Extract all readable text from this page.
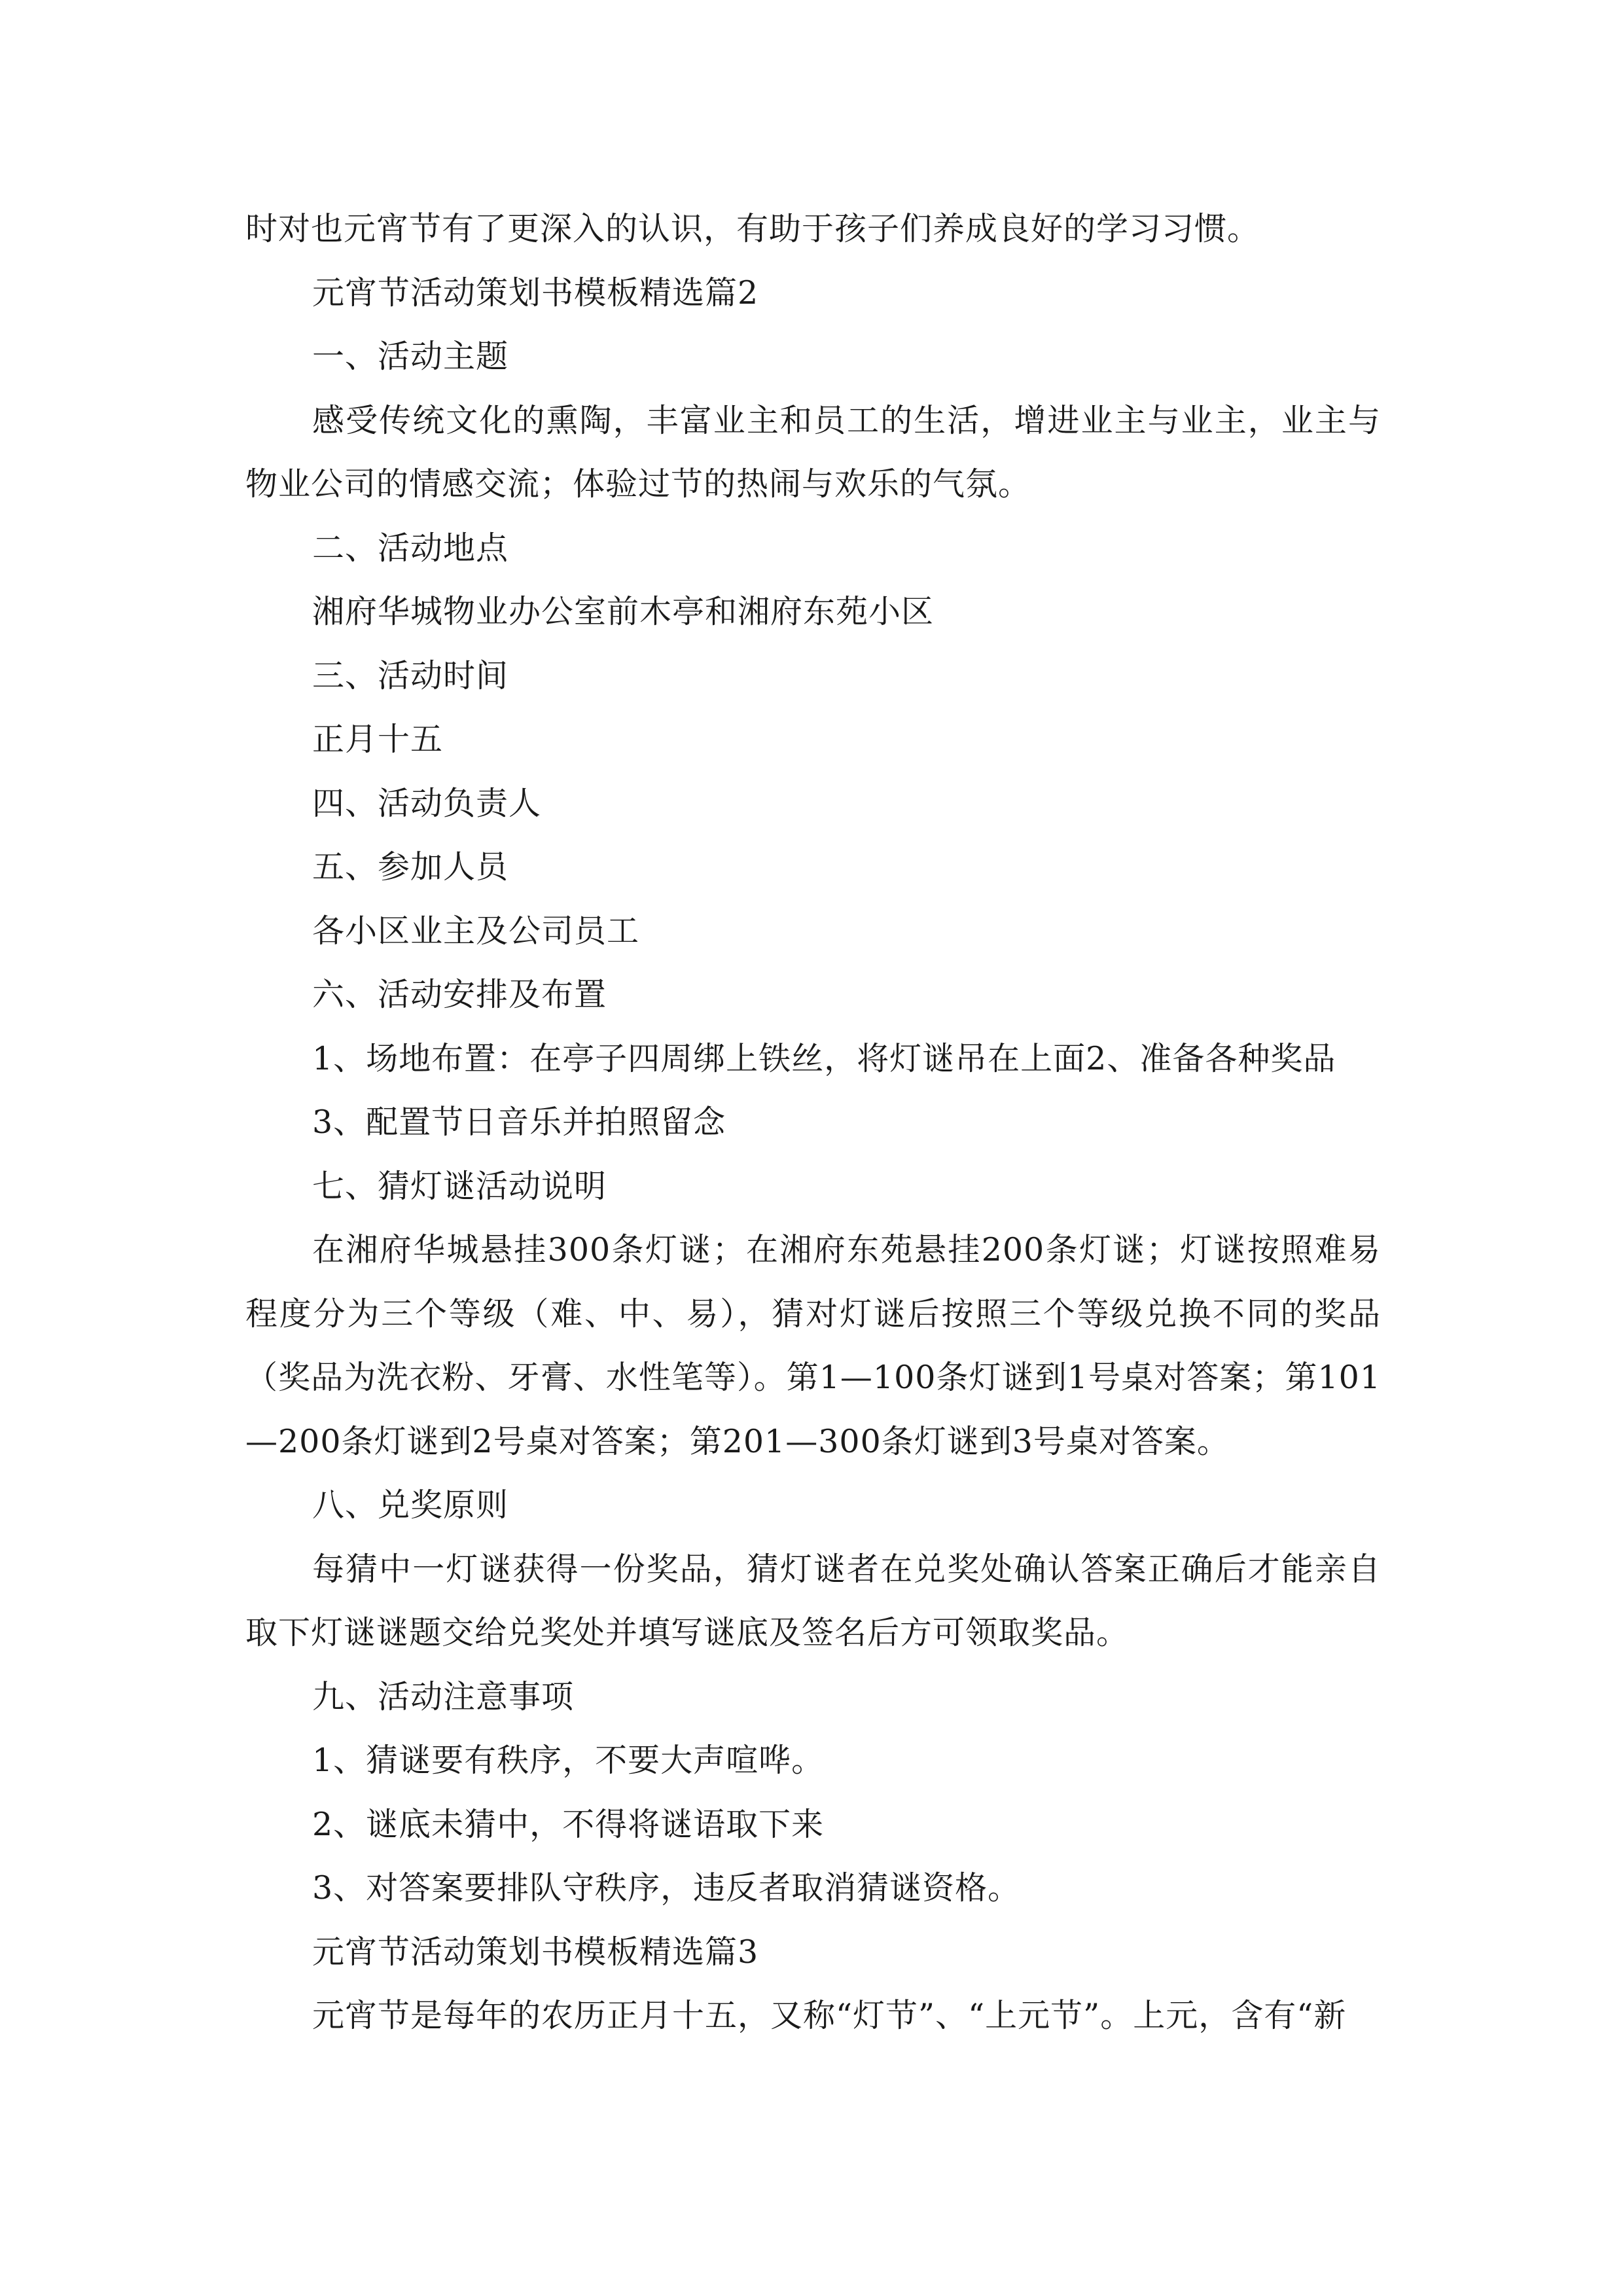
时对也元宵节有了更深入的认识，有助于孩子们养成良好的学习习惯。

元宵节活动策划书模板精选篇2

一、活动主题

感受传统文化的熏陶，丰富业主和员工的生活，增进业主与业主，业主与物业公司的情感交流；体验过节的热闹与欢乐的气氛。

二、活动地点

湘府华城物业办公室前木亭和湘府东苑小区

三、活动时间

正月十五

四、活动负责人

五、参加人员

各小区业主及公司员工

六、活动安排及布置

1、场地布置：在亭子四周绑上铁丝，将灯谜吊在上面2、准备各种奖品

3、配置节日音乐并拍照留念

七、猜灯谜活动说明

在湘府华城悬挂300条灯谜；在湘府东苑悬挂200条灯谜；灯谜按照难易程度分为三个等级（难、中、易），猜对灯谜后按照三个等级兑换不同的奖品（奖品为洗衣粉、牙膏、水性笔等）。第1—100条灯谜到1号桌对答案；第101—200条灯谜到2号桌对答案；第201—300条灯谜到3号桌对答案。

八、兑奖原则

每猜中一灯谜获得一份奖品，猜灯谜者在兑奖处确认答案正确后才能亲自取下灯谜谜题交给兑奖处并填写谜底及签名后方可领取奖品。

九、活动注意事项

1、猜谜要有秩序，不要大声喧哗。

2、谜底未猜中，不得将谜语取下来

3、对答案要排队守秩序，违反者取消猜谜资格。

元宵节活动策划书模板精选篇3

元宵节是每年的农历正月十五，又称“灯节”、“上元节”。上元，含有“新
